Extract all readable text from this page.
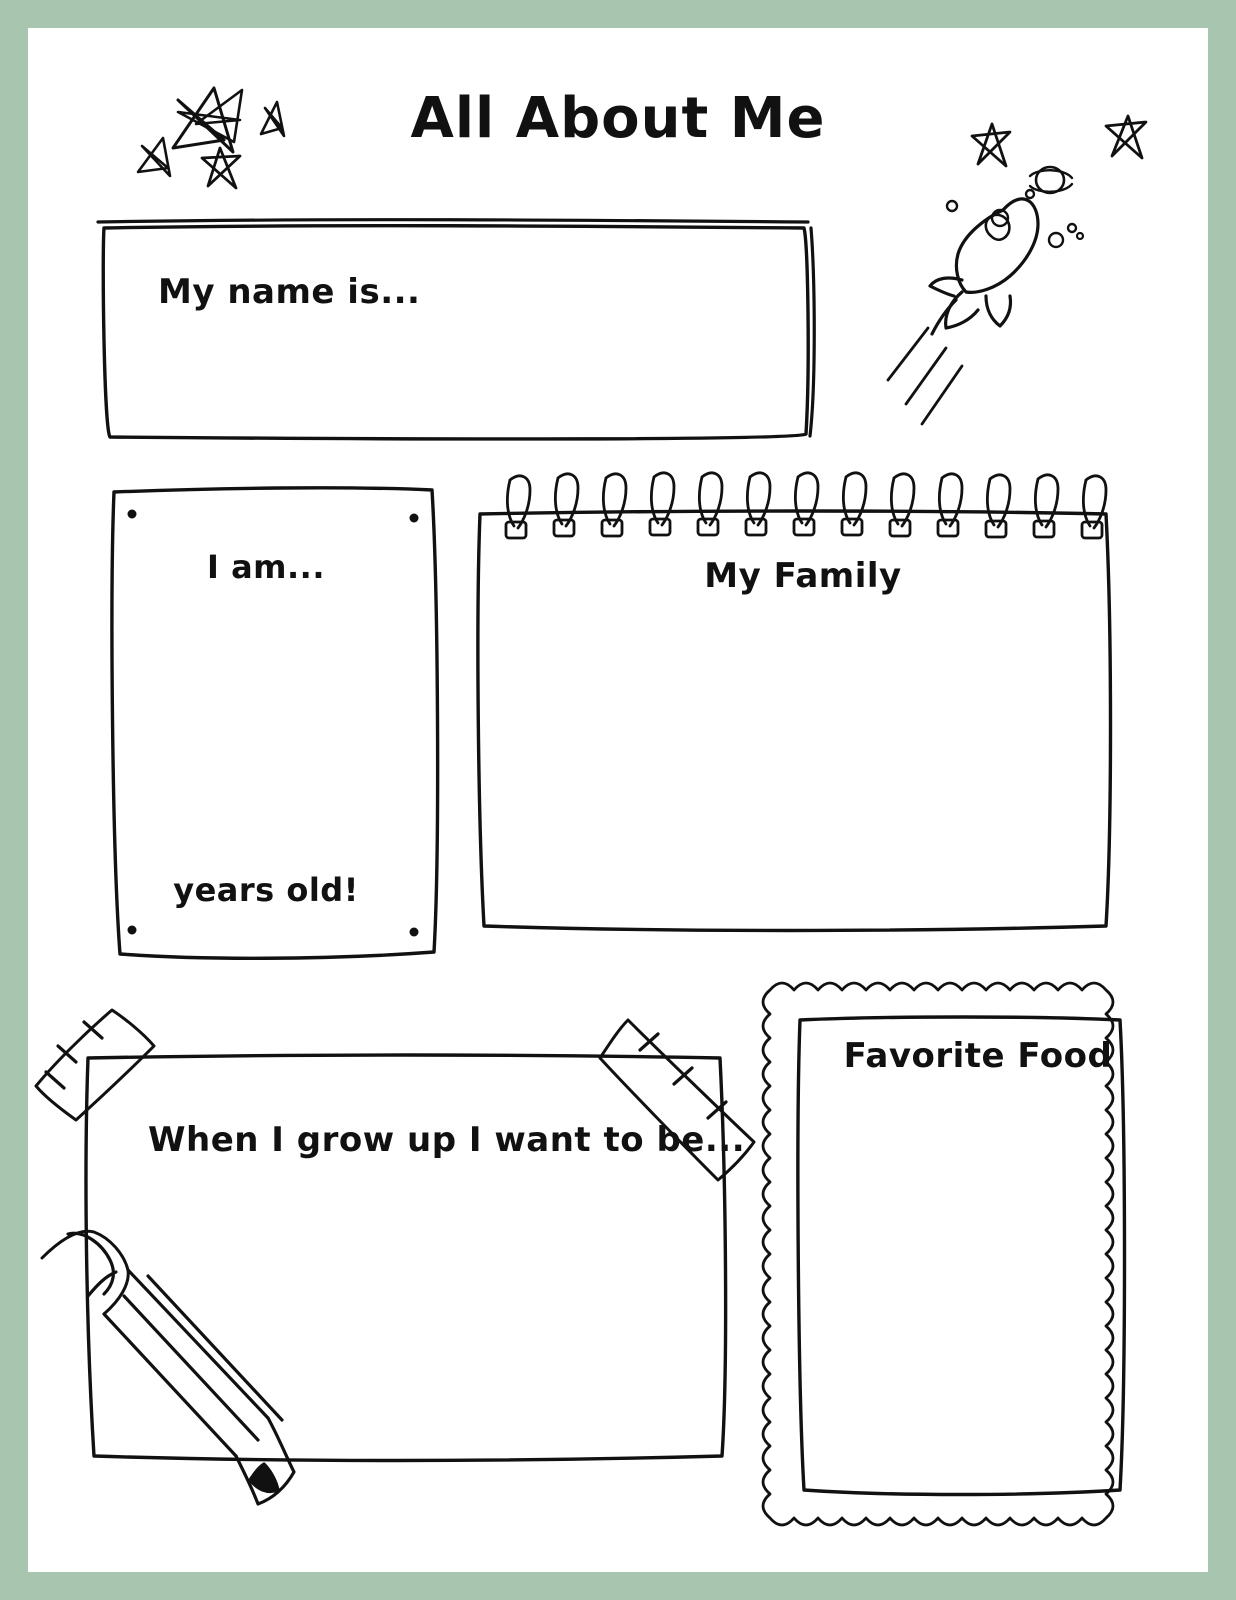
All About Me
My name is...
I am...
years old!
My Family
When I grow up I want to be...
Favorite Food
